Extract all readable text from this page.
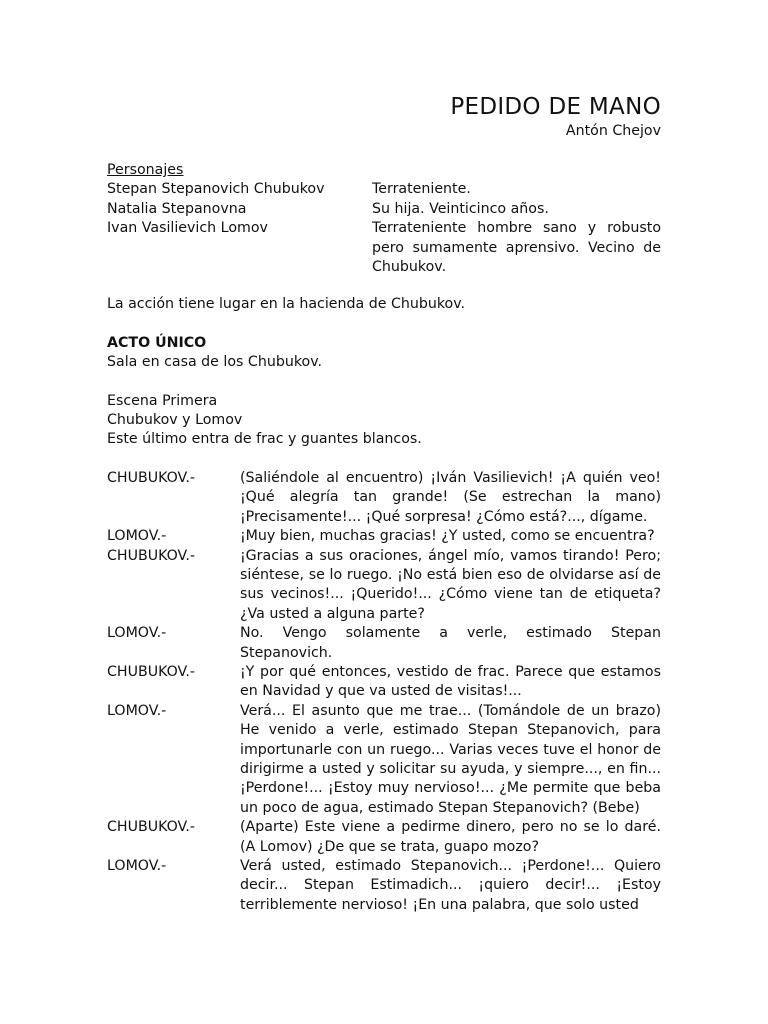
PEDIDO DE MANO
Antón Chejov
Personajes
Stepan Stepanovich Chubukov	Terrateniente.
Natalia Stepanovna	Su hija. Veinticinco años.
Ivan Vasilievich Lomov	Terrateniente hombre sano y robusto pero sumamente aprensivo. Vecino de Chubukov.
La acción tiene lugar en la hacienda de Chubukov.
ACTO ÚNICO
Sala en casa de los Chubukov.
Escena Primera
Chubukov y Lomov
Este último entra de frac y guantes blancos.
CHUBUKOV.-	(Saliéndole al encuentro) ¡Iván Vasilievich! ¡A quién veo! ¡Qué alegría tan grande! (Se estrechan la mano) ¡Precisamente!... ¡Qué sorpresa! ¿Cómo está?..., dígame.
LOMOV.-	¡Muy bien, muchas gracias! ¿Y usted, como se encuentra?
CHUBUKOV.-	¡Gracias a sus oraciones, ángel mío, vamos tirando! Pero; siéntese, se lo ruego. ¡No está bien eso de olvidarse así de sus vecinos!... ¡Querido!... ¿Cómo viene tan de etiqueta? ¿Va usted a alguna parte?
LOMOV.-	No. Vengo solamente a verle, estimado Stepan Stepanovich.
CHUBUKOV.-	¡Y por qué entonces, vestido de frac. Parece que estamos en Navidad y que va usted de visitas!...
LOMOV.-	Verá... El asunto que me trae... (Tomándole de un brazo) He venido a verle, estimado Stepan Stepanovich, para importunarle con un ruego... Varias veces tuve el honor de dirigirme a usted y solicitar su ayuda, y siempre..., en fin... ¡Perdone!... ¡Estoy muy nervioso!... ¿Me permite que beba un poco de agua, estimado Stepan Stepanovich? (Bebe)
CHUBUKOV.-	(Aparte) Este viene a pedirme dinero, pero no se lo daré. (A Lomov) ¿De que se trata, guapo mozo?
LOMOV.-	Verá usted, estimado Stepanovich... ¡Perdone!... Quiero decir... Stepan Estimadich... ¡quiero decir!... ¡Estoy terriblemente nervioso! ¡En una palabra, que solo usted
